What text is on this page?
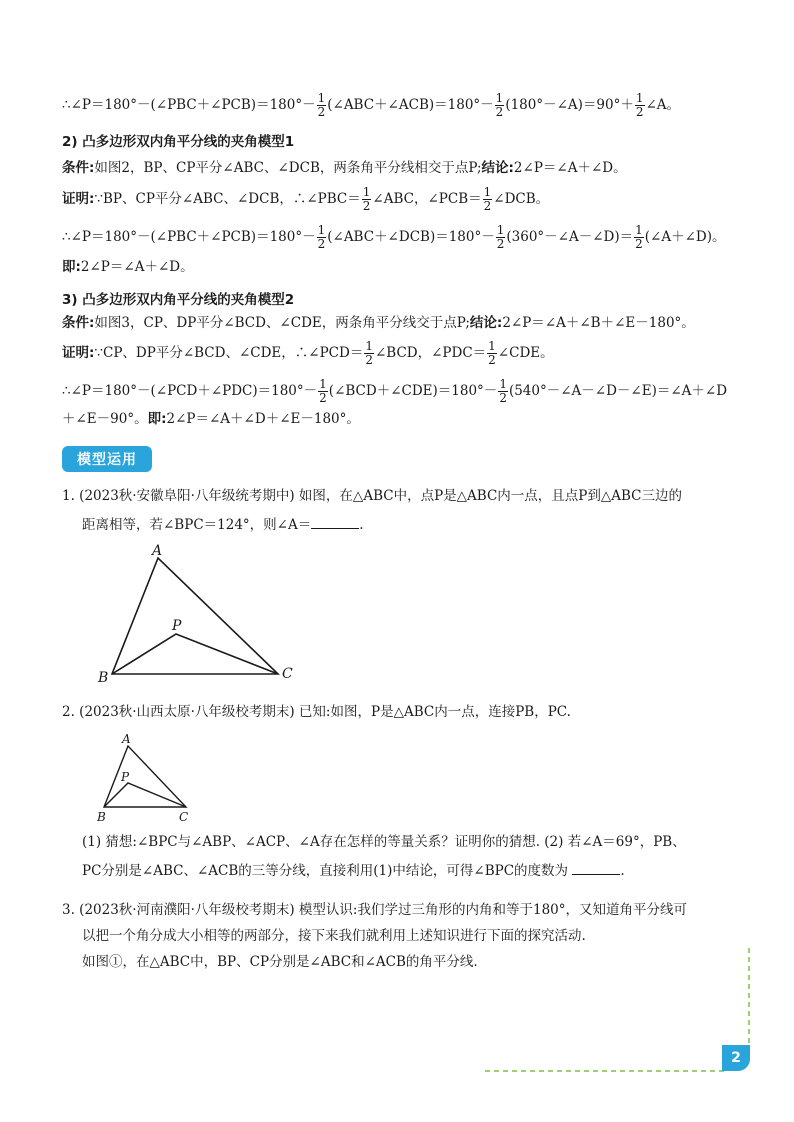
∴∠P＝180°－(∠PBC＋∠PCB)＝180°－ $\frac{1}{2}$ (∠ABC＋∠ACB)＝180°－ $\frac{1}{2}$ (180°－∠A)＝90°＋ $\frac{1}{2}$ ∠A。
2) 凸多边形双内角平分线的夹角模型1
条件:如图2，BP、CP平分∠ABC、∠DCB，两条角平分线相交于点P;结论:2∠P＝∠A＋∠D。
证明:∵BP、CP平分∠ABC、∠DCB，∴∠PBC＝ $\frac{1}{2}$ ∠ABC，∠PCB＝ $\frac{1}{2}$ ∠DCB。
∴∠P＝180°－(∠PBC＋∠PCB)＝180°－ $\frac{1}{2}$ (∠ABC＋∠DCB)＝180°－ $\frac{1}{2}$ (360°－∠A－∠D)＝ $\frac{1}{2}$ (∠A＋∠D)。
即:2∠P＝∠A＋∠D。
3) 凸多边形双内角平分线的夹角模型2
条件:如图3，CP、DP平分∠BCD、∠CDE，两条角平分线交于点P;结论:2∠P＝∠A＋∠B＋∠E－180°。
证明:∵CP、DP平分∠BCD、∠CDE，∴∠PCD＝ $\frac{1}{2}$ ∠BCD，∠PDC＝ $\frac{1}{2}$ ∠CDE。
∴∠P＝180°－(∠PCD＋∠PDC)＝180°－ $\frac{1}{2}$ (∠BCD＋∠CDE)＝180°－ $\frac{1}{2}$ (540°－∠A－∠D－∠E)＝∠A＋∠D
＋∠E－90°。即:2∠P＝∠A＋∠D＋∠E－180°。
模型运用
1. (2023秋·安徽阜阳·八年级统考期中) 如图，在△ABC中，点P是△ABC内一点，且点P到△ABC三边的
距离相等，若∠BPC＝124°，则∠A＝	.
A
B	C
P
2. (2023秋·山西太原·八年级校考期末) 已知:如图，P是△ABC内一点，连接PB，PC.
A
B	C
P
(1) 猜想:∠BPC与∠ABP、∠ACP、∠A存在怎样的等量关系？证明你的猜想. (2) 若∠A＝69°，PB、
PC分别是∠ABC、∠ACB的三等分线，直接利用(1)中结论，可得∠BPC的度数为	.
3. (2023秋·河南濮阳·八年级校考期末) 模型认识:我们学过三角形的内角和等于180°，又知道角平分线可
以把一个角分成大小相等的两部分，接下来我们就利用上述知识进行下面的探究活动.
如图①，在△ABC中，BP、CP分别是∠ABC和∠ACB的角平分线.
2
